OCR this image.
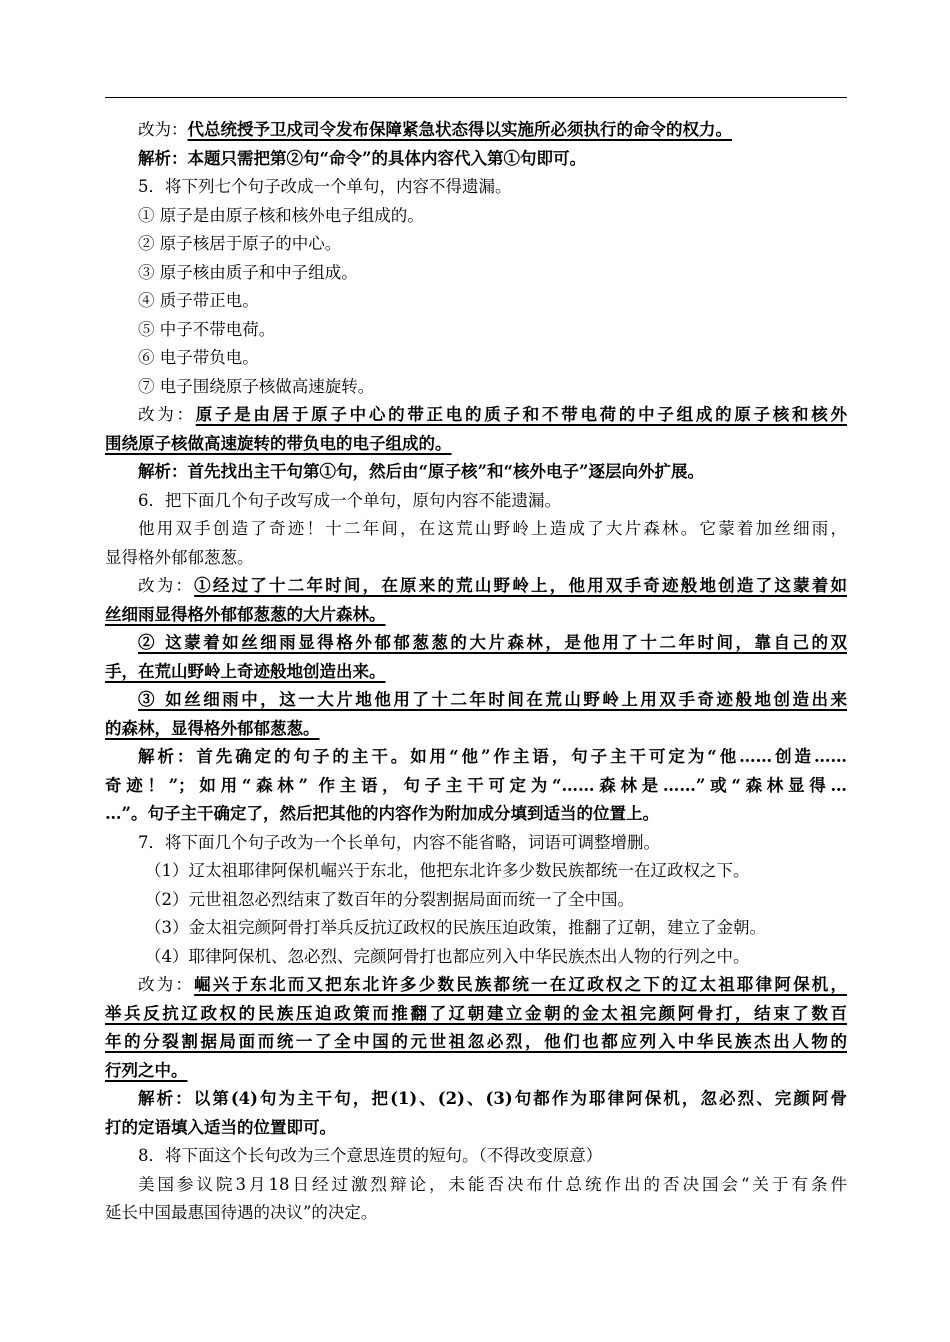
改为：代总统授予卫戍司令发布保障紧急状态得以实施所必须执行的命令的权力。

解析：本题只需把第②句“命令”的具体内容代入第①句即可。

5．将下列七个句子改成一个单句，内容不得遗漏。

① 原子是由原子核和核外电子组成的。

② 原子核居于原子的中心。

③ 原子核由质子和中子组成。

④ 质子带正电。

⑤ 中子不带电荷。

⑥ 电子带负电。

⑦ 电子围绕原子核做高速旋转。

改为：原子是由居于原子中心的带正电的质子和不带电荷的中子组成的原子核和核外

围绕原子核做高速旋转的带负电的电子组成的。

解析：首先找出主干句第①句，然后由“原子核”和“核外电子”逐层向外扩展。

6．把下面几个句子改写成一个单句，原句内容不能遗漏。

他用双手创造了奇迹！十二年间，在这荒山野岭上造成了大片森林。它蒙着加丝细雨，

显得格外郁郁葱葱。

改为：①经过了十二年时间，在原来的荒山野岭上，他用双手奇迹般地创造了这蒙着如

丝细雨显得格外郁郁葱葱的大片森林。

② 这蒙着如丝细雨显得格外郁郁葱葱的大片森林，是他用了十二年时间，靠自己的双

手，在荒山野岭上奇迹般地创造出来。

③ 如丝细雨中，这一大片地他用了十二年时间在荒山野岭上用双手奇迹般地创造出来

的森林，显得格外郁郁葱葱。

解析：首先确定的句子的主干。如用“他”作主语，句子主干可定为“他……创造……

奇迹！”；如用“森林” 作主语，句子主干可定为“……森林是……”或“森林显得…

…”。句子主干确定了，然后把其他的内容作为附加成分填到适当的位置上。

7．将下面几个句子改为一个长单句，内容不能省略，词语可调整增删。

（1）辽太祖耶律阿保机崛兴于东北，他把东北许多少数民族都统一在辽政权之下。

（2）元世祖忽必烈结束了数百年的分裂割据局面而统一了全中国。

（3）金太祖完颜阿骨打举兵反抗辽政权的民族压迫政策，推翻了辽朝，建立了金朝。

（4）耶律阿保机、忽必烈、完颜阿骨打也都应列入中华民族杰出人物的行列之中。

改为：崛兴于东北而又把东北许多少数民族都统一在辽政权之下的辽太祖耶律阿保机，

举兵反抗辽政权的民族压迫政策而推翻了辽朝建立金朝的金太祖完颜阿骨打，结束了数百

年的分裂割据局面而统一了全中国的元世祖忽必烈，他们也都应列入中华民族杰出人物的

行列之中。

解析：以第(4)句为主干句，把(1)、(2)、(3)句都作为耶律阿保机，忽必烈、完颜阿骨

打的定语填入适当的位置即可。

8．将下面这个长句改为三个意思连贯的短句。（不得改变原意）

美国参议院3月18日经过激烈辩论，未能否决布什总统作出的否决国会“关于有条件

延长中国最惠国待遇的决议”的决定。
